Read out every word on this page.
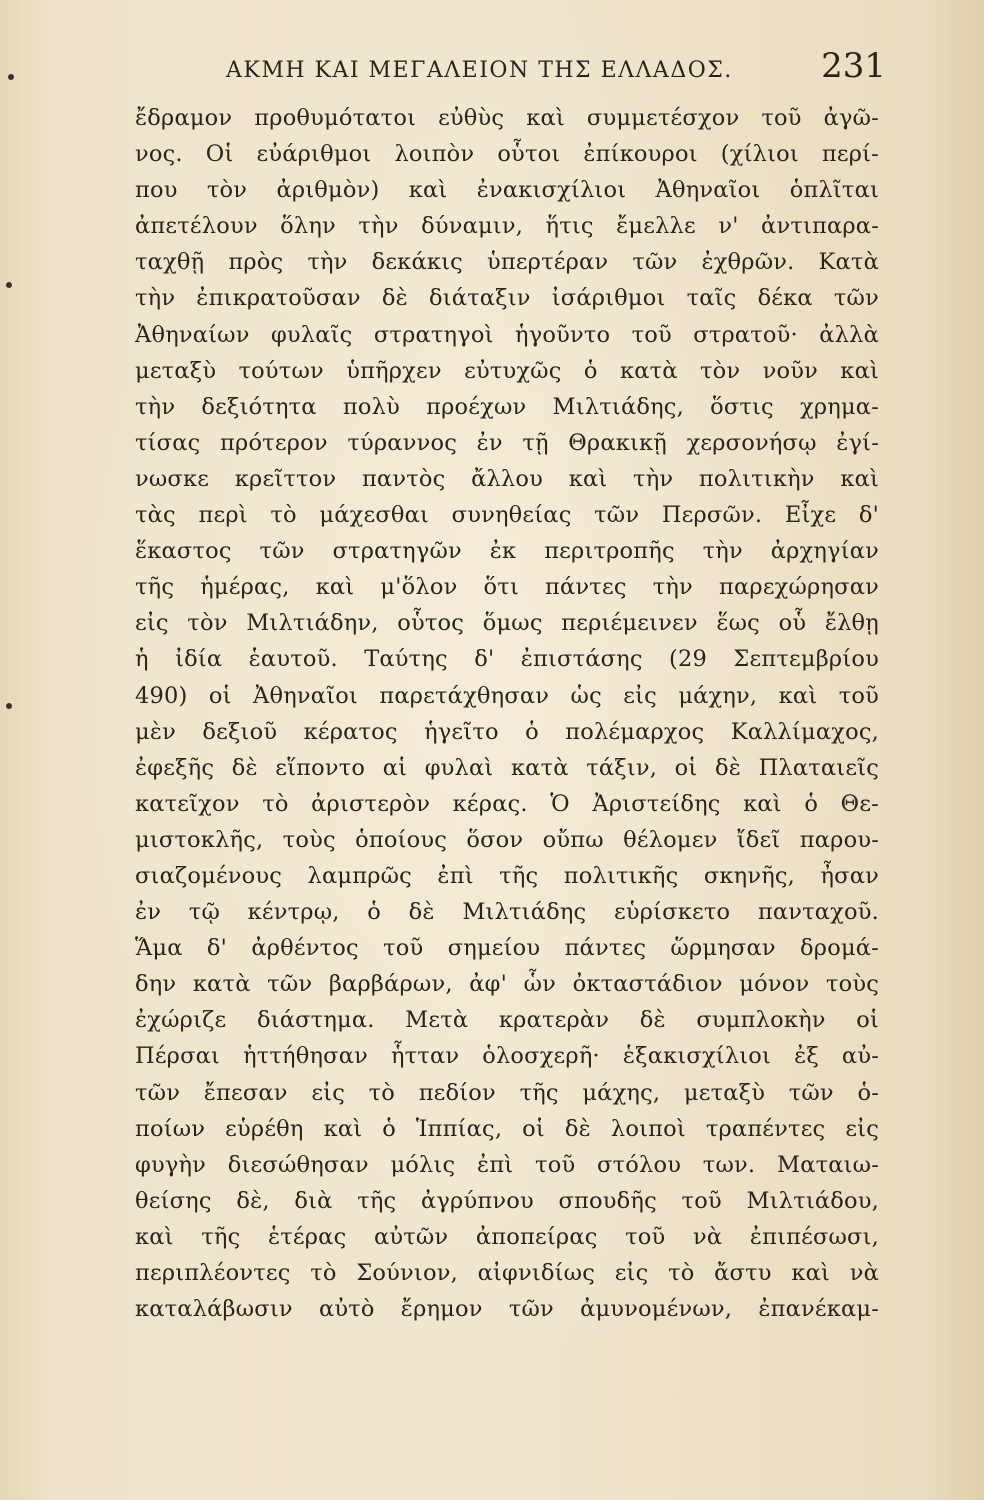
ΑΚΜΗ ΚΑΙ ΜΕΓΑΛΕΙΟΝ ΤΗΣ ΕΛΛΑΔΟΣ.	231
ἔδραμον προθυμότατοι εὐθὺς καὶ συμμετέσχον τοῦ ἀγῶ-
νος. Οἱ εὐάριθμοι λοιπὸν οὗτοι ἐπίκουροι (χίλιοι περί-
που τὸν ἀριθμὸν) καὶ ἐνακισχίλιοι Ἀθηναῖοι ὁπλῖται
ἀπετέλουν ὅλην τὴν δύναμιν, ἥτις ἔμελλε ν' ἀντιπαρα-
ταχθῇ πρὸς τὴν δεκάκις ὑπερτέραν τῶν ἐχθρῶν. Κατὰ
τὴν ἐπικρατοῦσαν δὲ διάταξιν ἰσάριθμοι ταῖς δέκα τῶν
Ἀθηναίων φυλαῖς στρατηγοὶ ἡγοῦντο τοῦ στρατοῦ· ἀλλὰ
μεταξὺ τούτων ὑπῆρχεν εὐτυχῶς ὁ κατὰ τὸν νοῦν καὶ
τὴν δεξιότητα πολὺ προέχων Μιλτιάδης, ὅστις χρημα-
τίσας πρότερον τύραννος ἐν τῇ Θρακικῇ χερσονήσῳ ἐγί-
νωσκε κρεῖττον παντὸς ἄλλου καὶ τὴν πολιτικὴν καὶ
τὰς περὶ τὸ μάχεσθαι συνηθείας τῶν Περσῶν. Εἶχε δ'
ἕκαστος τῶν στρατηγῶν ἐκ περιτροπῆς τὴν ἀρχηγίαν
τῆς ἡμέρας, καὶ μ'ὅλον ὅτι πάντες τὴν παρεχώρησαν
εἰς τὸν Μιλτιάδην, οὗτος ὅμως περιέμεινεν ἕως οὗ ἔλθῃ
ἡ ἰδία ἑαυτοῦ. Ταύτης δ' ἐπιστάσης (29 Σεπτεμβρίου
490) οἱ Ἀθηναῖοι παρετάχθησαν ὡς εἰς μάχην, καὶ τοῦ
μὲν δεξιοῦ κέρατος ἡγεῖτο ὁ πολέμαρχος Καλλίμαχος,
ἐφεξῆς δὲ εἵποντο αἱ φυλαὶ κατὰ τάξιν, οἱ δὲ Πλαταιεῖς
κατεῖχον τὸ ἀριστερὸν κέρας. Ὁ Ἀριστείδης καὶ ὁ Θε-
μιστοκλῆς, τοὺς ὁποίους ὅσον οὔπω θέλομεν ἴδεῖ παρου-
σιαζομένους λαμπρῶς ἐπὶ τῆς πολιτικῆς σκηνῆς, ἦσαν
ἐν τῷ κέντρῳ, ὁ δὲ Μιλτιάδης εὑρίσκετο πανταχοῦ.
Ἅμα δ' ἀρθέντος τοῦ σημείου πάντες ὥρμησαν δρομά-
δην κατὰ τῶν βαρβάρων, ἀφ' ὧν ὀκταστάδιον μόνον τοὺς
ἐχώριζε διάστημα. Μετὰ κρατερὰν δὲ συμπλοκὴν οἱ
Πέρσαι ἡττήθησαν ἧτταν ὁλοσχερῆ· ἑξακισχίλιοι ἐξ αὐ-
τῶν ἔπεσαν εἰς τὸ πεδίον τῆς μάχης, μεταξὺ τῶν ὁ-
ποίων εὑρέθη καὶ ὁ Ἱππίας, οἱ δὲ λοιποὶ τραπέντες εἰς
φυγὴν διεσώθησαν μόλις ἐπὶ τοῦ στόλου των. Ματαιω-
θείσης δὲ, διὰ τῆς ἀγρύπνου σπουδῆς τοῦ Μιλτιάδου,
καὶ τῆς ἑτέρας αὐτῶν ἀποπείρας τοῦ νὰ ἐπιπέσωσι,
περιπλέοντες τὸ Σούνιον, αἰφνιδίως εἰς τὸ ἄστυ καὶ νὰ
καταλάβωσιν αὐτὸ ἔρημον τῶν ἀμυνομένων, ἐπανέκαμ-
